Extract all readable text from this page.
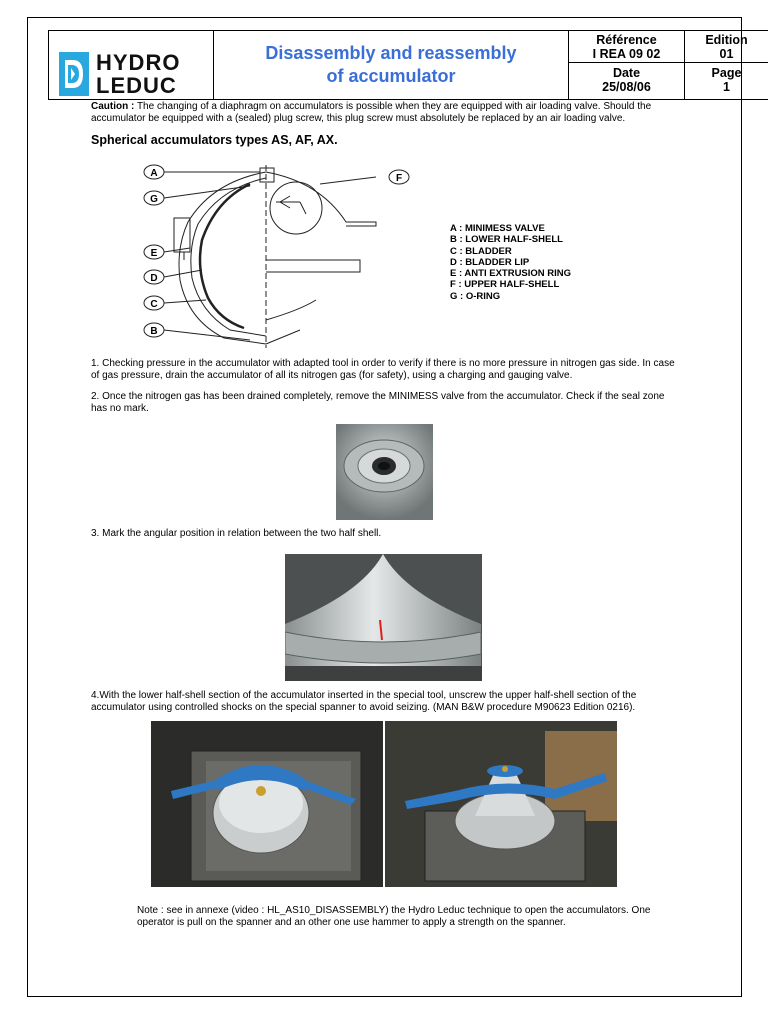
HYDRO
LEDUC
Disassembly and reassembly
of accumulator
Référence
I REA 09 02
Edition
01
Date
25/08/06
Page
1
Caution : The changing of a diaphragm on accumulators is possible when they are equipped with air loading valve. Should the accumulator be equipped with a (sealed) plug screw, this plug screw must absolutely be replaced by an air loading valve.
Spherical accumulators types AS, AF, AX.
A
G
E
D
C
B
F
A : MINIMESS VALVE
B : LOWER HALF-SHELL
C : BLADDER
D : BLADDER LIP
E : ANTI EXTRUSION RING
F : UPPER HALF-SHELL
G : O-RING
1. Checking pressure in the accumulator with adapted tool in order to verify if there is no more pressure in nitrogen gas side. In case of gas pressure, drain the accumulator of all its nitrogen gas (for safety), using a charging and gauging valve.
2. Once the nitrogen gas has been drained completely, remove the MINIMESS valve from the accumulator. Check if the seal zone has no mark.
3. Mark the angular position in relation between the two half shell.
4.With the lower half-shell section of the accumulator inserted in the special tool, unscrew the upper half-shell section of the accumulator using controlled shocks on the special spanner to avoid seizing. (MAN B&W procedure M90623 Edition 0216).
Note : see in annexe (video : HL_AS10_DISASSEMBLY) the Hydro Leduc technique to open the accumulators. One operator is pull on the spanner and an other one use hammer to apply a strength on the spanner.
